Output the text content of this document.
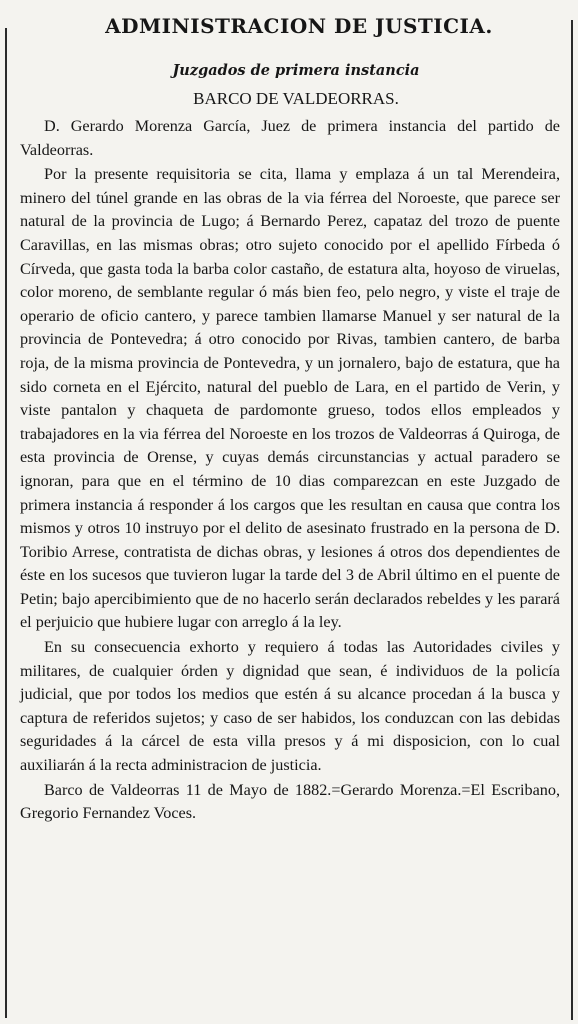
ADMINISTRACION DE JUSTICIA.
Juzgados de primera instancia
BARCO DE VALDEORRAS.

D. Gerardo Morenza García, Juez de primera instancia del partido de Valdeorras.

Por la presente requisitoria se cita, llama y emplaza á un tal Merendeira, minero del túnel grande en las obras de la via férrea del Noroeste, que parece ser natural de la provincia de Lugo; á Bernardo Perez, capataz del trozo de puente Caravillas, en las mismas obras; otro sujeto conocido por el apellido Fírbeda ó Círveda, que gasta toda la barba color castaño, de estatura alta, hoyoso de viruelas, color moreno, de semblante regular ó más bien feo, pelo negro, y viste el traje de operario de oficio cantero, y parece tambien llamarse Manuel y ser natural de la provincia de Pontevedra; á otro conocido por Rivas, tambien cantero, de barba roja, de la misma provincia de Pontevedra, y un jornalero, bajo de estatura, que ha sido corneta en el Ejército, natural del pueblo de Lara, en el partido de Verin, y viste pantalon y chaqueta de pardomonte grueso, todos ellos empleados y trabajadores en la via férrea del Noroeste en los trozos de Valdeorras á Quiroga, de esta provincia de Orense, y cuyas demás circunstancias y actual paradero se ignoran, para que en el término de 10 dias comparezcan en este Juzgado de primera instancia á responder á los cargos que les resultan en causa que contra los mismos y otros 10 instruyo por el delito de asesinato frustrado en la persona de D. Toribio Arrese, contratista de dichas obras, y lesiones á otros dos dependientes de éste en los sucesos que tuvieron lugar la tarde del 3 de Abril último en el puente de Petin; bajo apercibimiento que de no hacerlo serán declarados rebeldes y les parará el perjuicio que hubiere lugar con arreglo á la ley.

En su consecuencia exhorto y requiero á todas las Autoridades civiles y militares, de cualquier órden y dignidad que sean, é individuos de la policía judicial, que por todos los medios que estén á su alcance procedan á la busca y captura de referidos sujetos; y caso de ser habidos, los conduzcan con las debidas seguridades á la cárcel de esta villa presos y á mi disposicion, con lo cual auxiliarán á la recta administracion de justicia.

Barco de Valdeorras 11 de Mayo de 1882.=Gerardo Morenza.=El Escribano, Gregorio Fernandez Voces.
